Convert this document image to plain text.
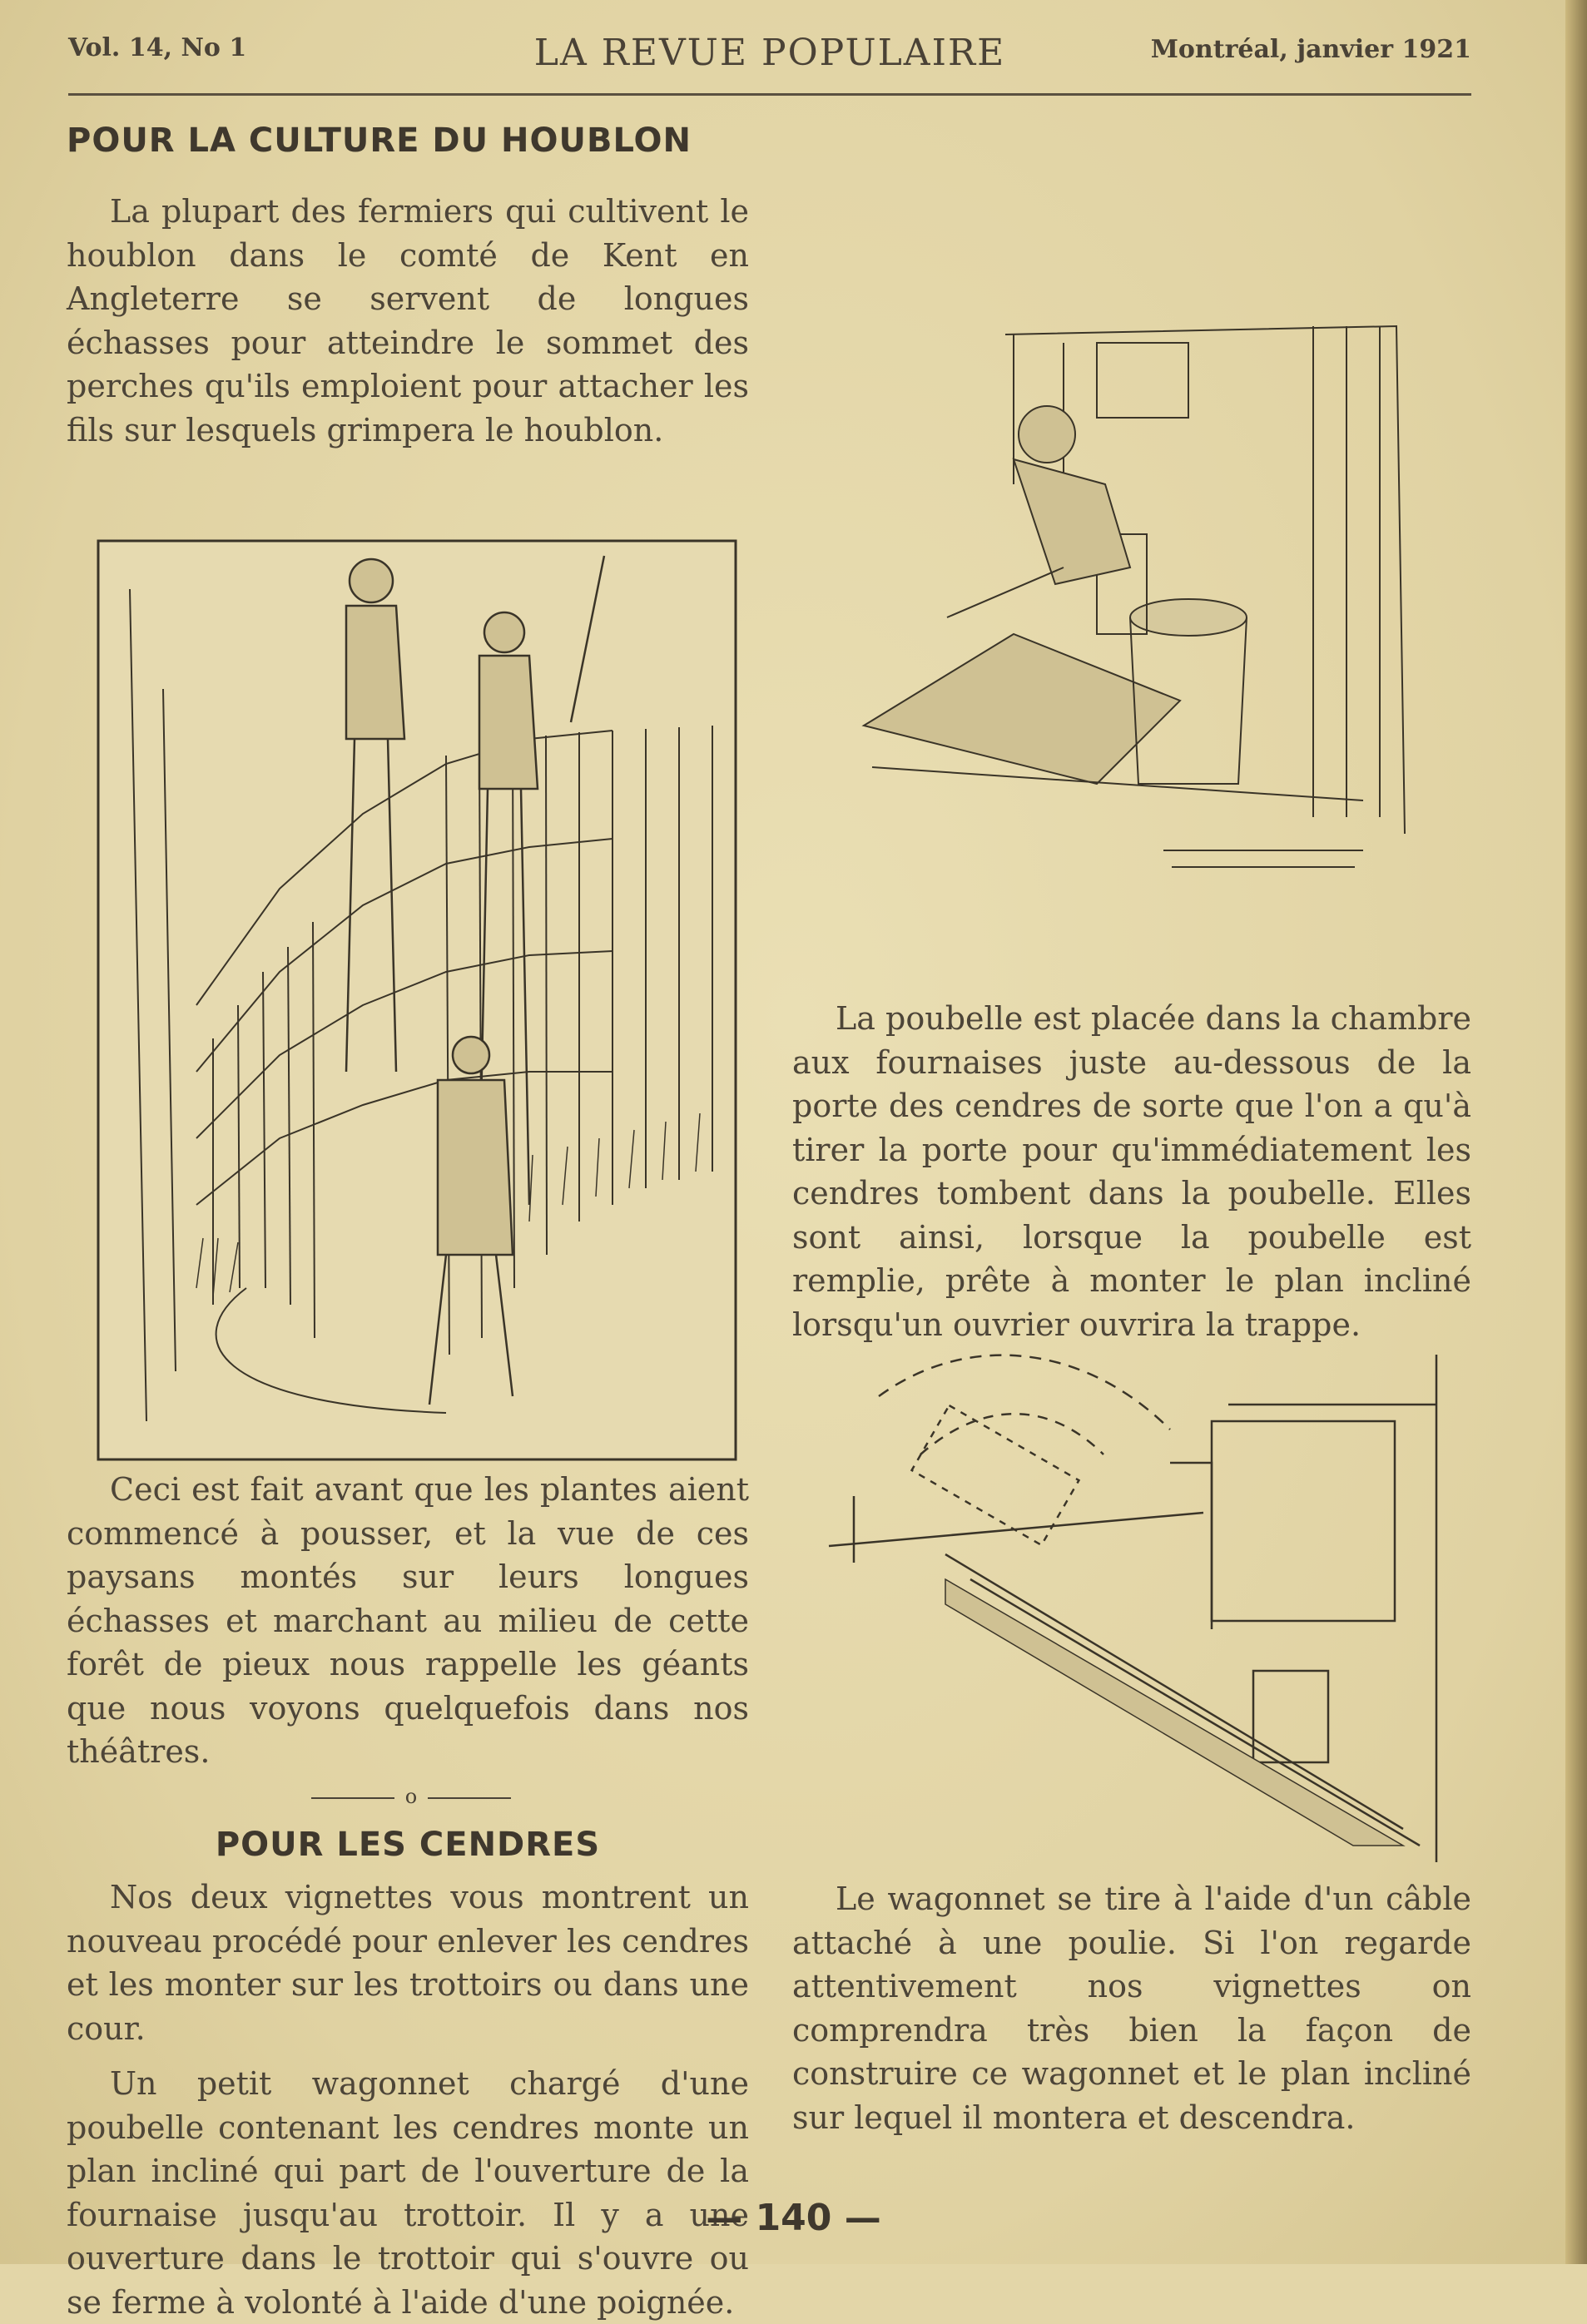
Vol. 14, No 1	LA REVUE POPULAIRE	Montréal, janvier 1921
POUR LA CULTURE DU HOUBLON

La plupart des fermiers qui cultivent le houblon dans le comté de Kent en Angleterre se servent de longues échasses pour atteindre le sommet des perches qu'ils emploient pour attacher les fils sur lesquels grimpera le houblon.

Ceci est fait avant que les plantes aient commencé à pousser, et la vue de ces paysans montés sur leurs longues échasses et marchant au milieu de cette forêt de pieux nous rappelle les géants que nous voyons quelquefois dans nos théâtres.

o
POUR LES CENDRES

Nos deux vignettes vous montrent un nouveau procédé pour enlever les cendres et les monter sur les trottoirs ou dans une cour.

Un petit wagonnet chargé d'une poubelle contenant les cendres monte un plan incliné qui part de l'ouverture de la fournaise jusqu'au trottoir. Il y a une ouverture dans le trottoir qui s'ouvre ou se ferme à volonté à l'aide d'une poignée.

La poubelle est placée dans la chambre aux fournaises juste au-dessous de la porte des cendres de sorte que l'on a qu'à tirer la porte pour qu'immédiatement les cendres tombent dans la poubelle. Elles sont ainsi, lorsque la poubelle est remplie, prête à monter le plan incliné lorsqu'un ouvrier ouvrira la trappe.

Le wagonnet se tire à l'aide d'un câble attaché à une poulie. Si l'on regarde attentivement nos vignettes on comprendra très bien la façon de construire ce wagonnet et le plan incliné sur lequel il montera et descendra.

— 140 —
